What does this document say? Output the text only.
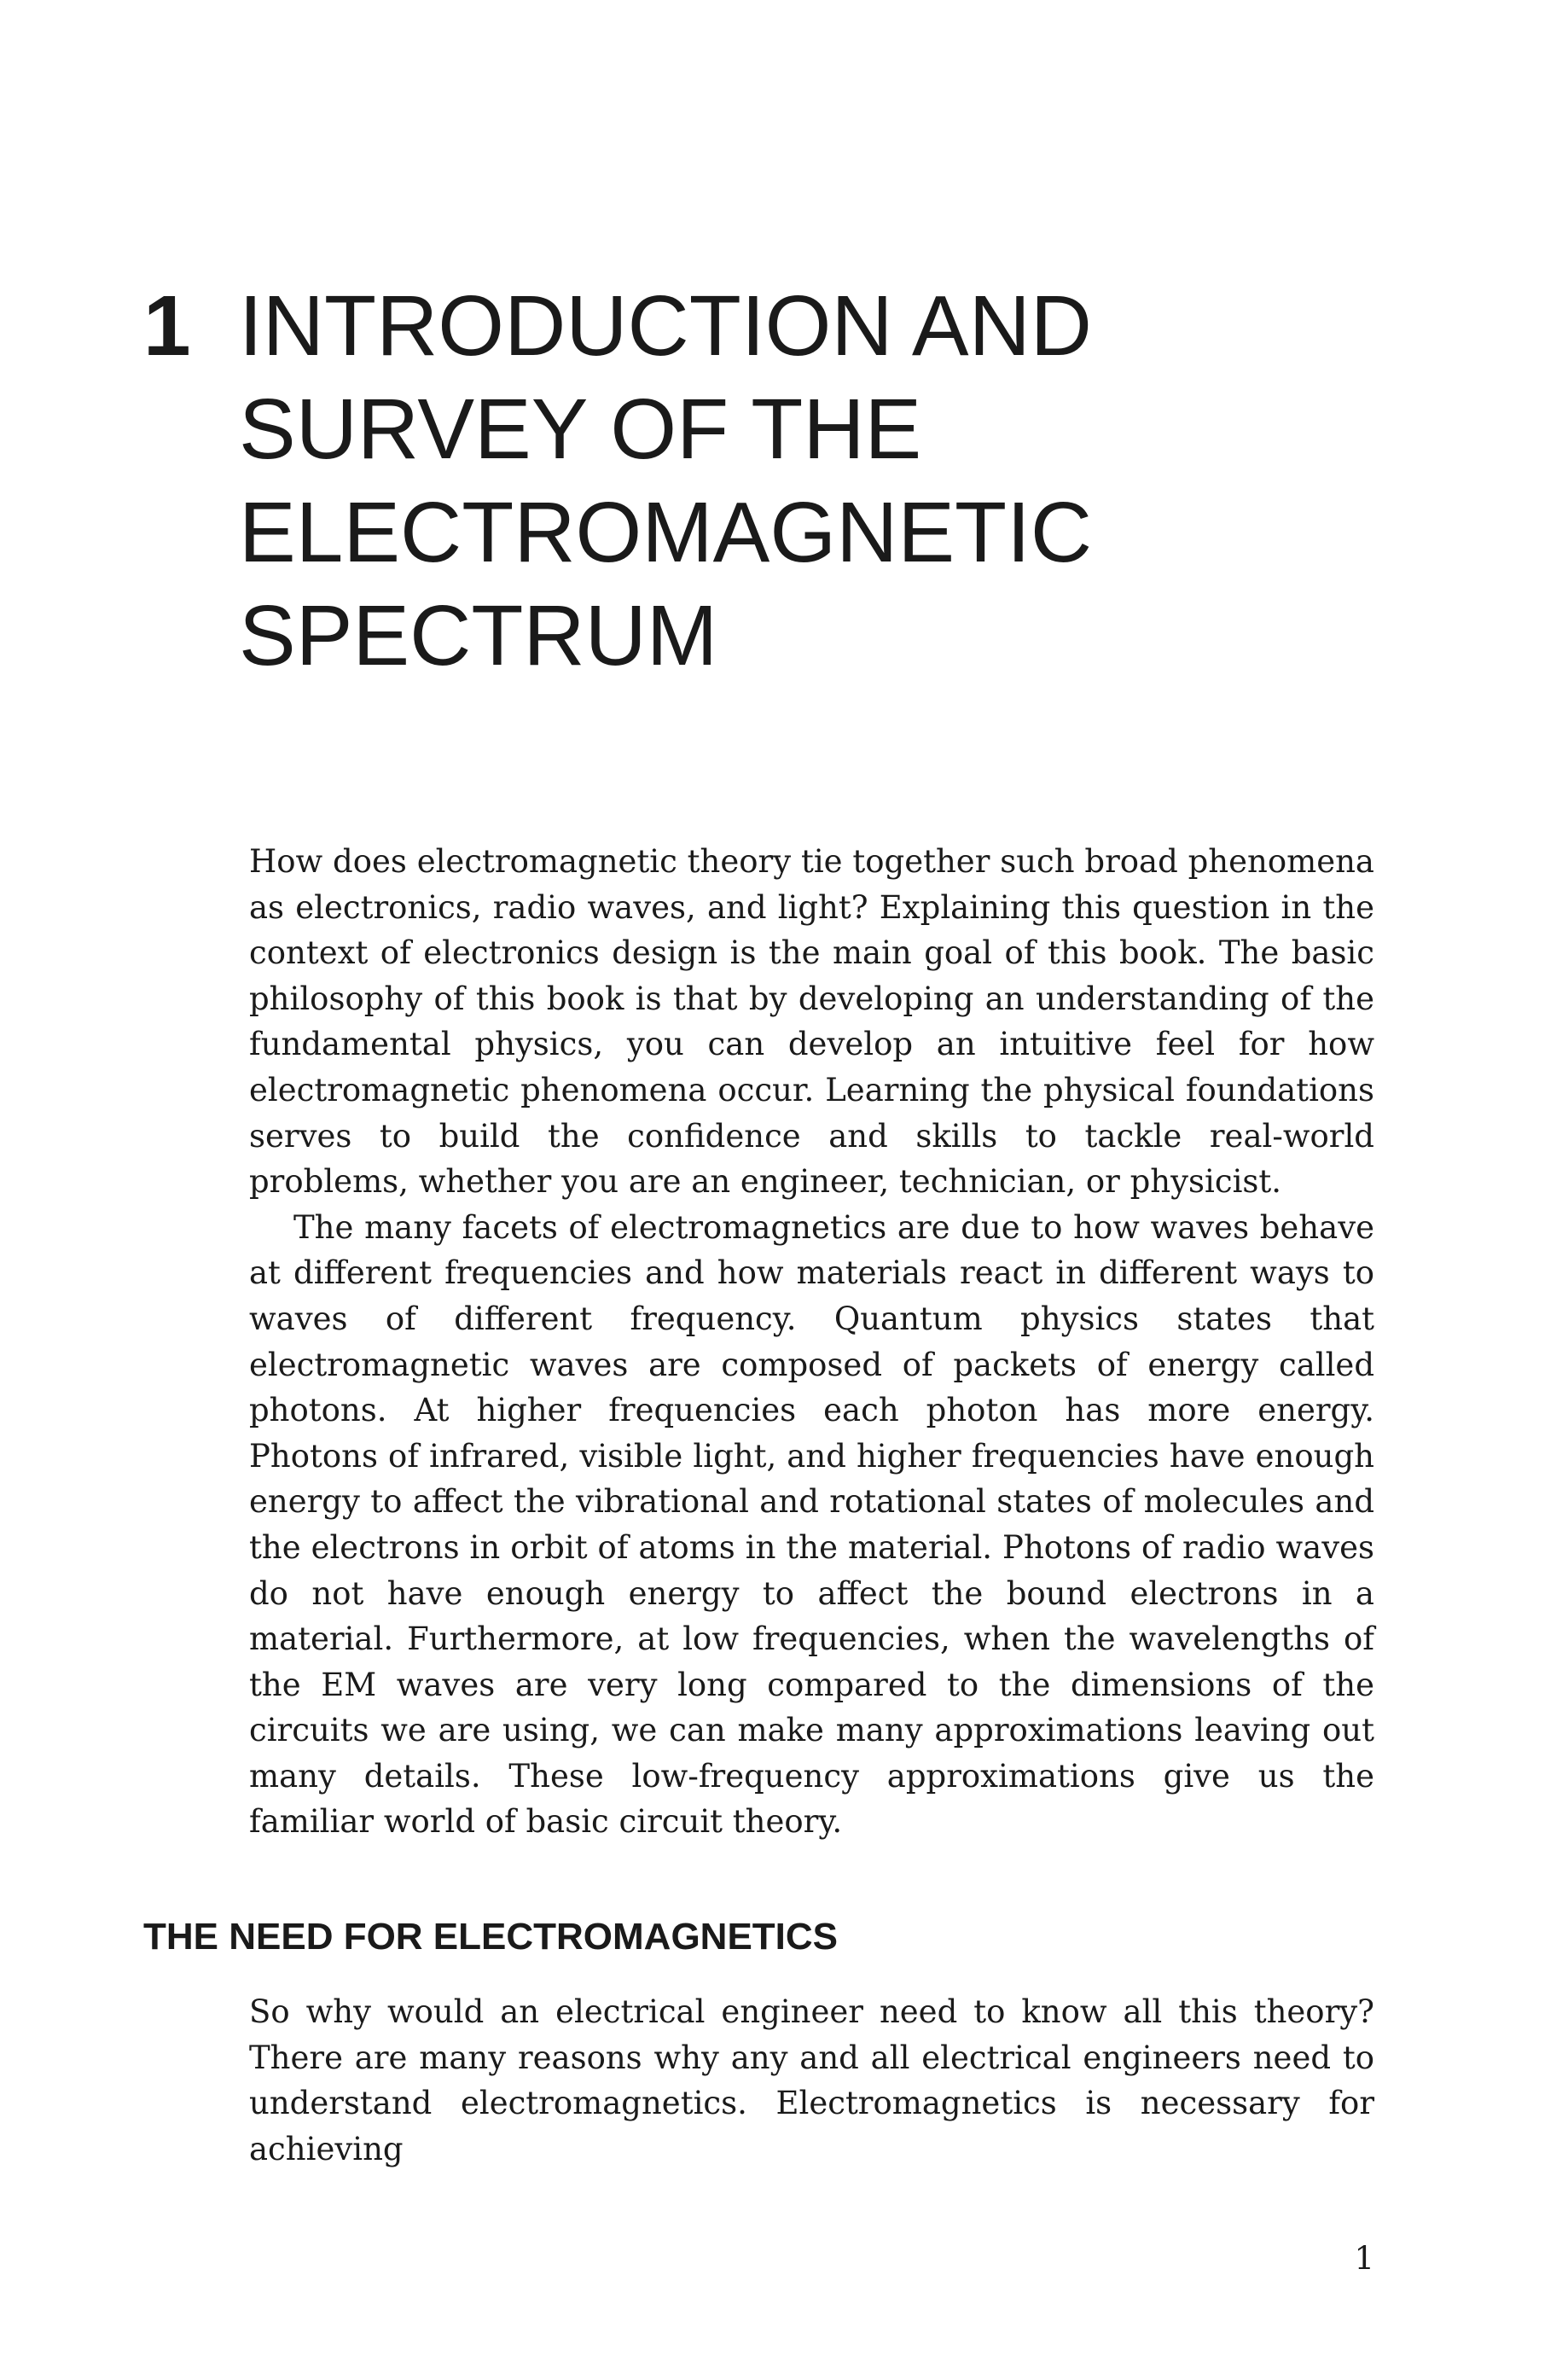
1 INTRODUCTION AND
SURVEY OF THE
ELECTROMAGNETIC
SPECTRUM

How does electromagnetic theory tie together such broad phenomena as electronics, radio waves, and light? Explaining this question in the context of electronics design is the main goal of this book. The basic philosophy of this book is that by developing an understanding of the fundamental physics, you can develop an intuitive feel for how electromagnetic phenomena occur. Learning the physical foundations serves to build the confidence and skills to tackle real-world problems, whether you are an engineer, technician, or physicist.

The many facets of electromagnetics are due to how waves behave at different frequencies and how materials react in different ways to waves of different frequency. Quantum physics states that electromagnetic waves are composed of packets of energy called photons. At higher frequencies each photon has more energy. Photons of infrared, visible light, and higher frequencies have enough energy to affect the vibrational and rotational states of molecules and the electrons in orbit of atoms in the material. Photons of radio waves do not have enough energy to affect the bound electrons in a material. Furthermore, at low frequencies, when the wavelengths of the EM waves are very long compared to the dimensions of the circuits we are using, we can make many approximations leaving out many details. These low-frequency approximations give us the familiar world of basic circuit theory.

THE NEED FOR ELECTROMAGNETICS

So why would an electrical engineer need to know all this theory? There are many reasons why any and all electrical engineers need to understand electromagnetics. Electromagnetics is necessary for achieving

1
